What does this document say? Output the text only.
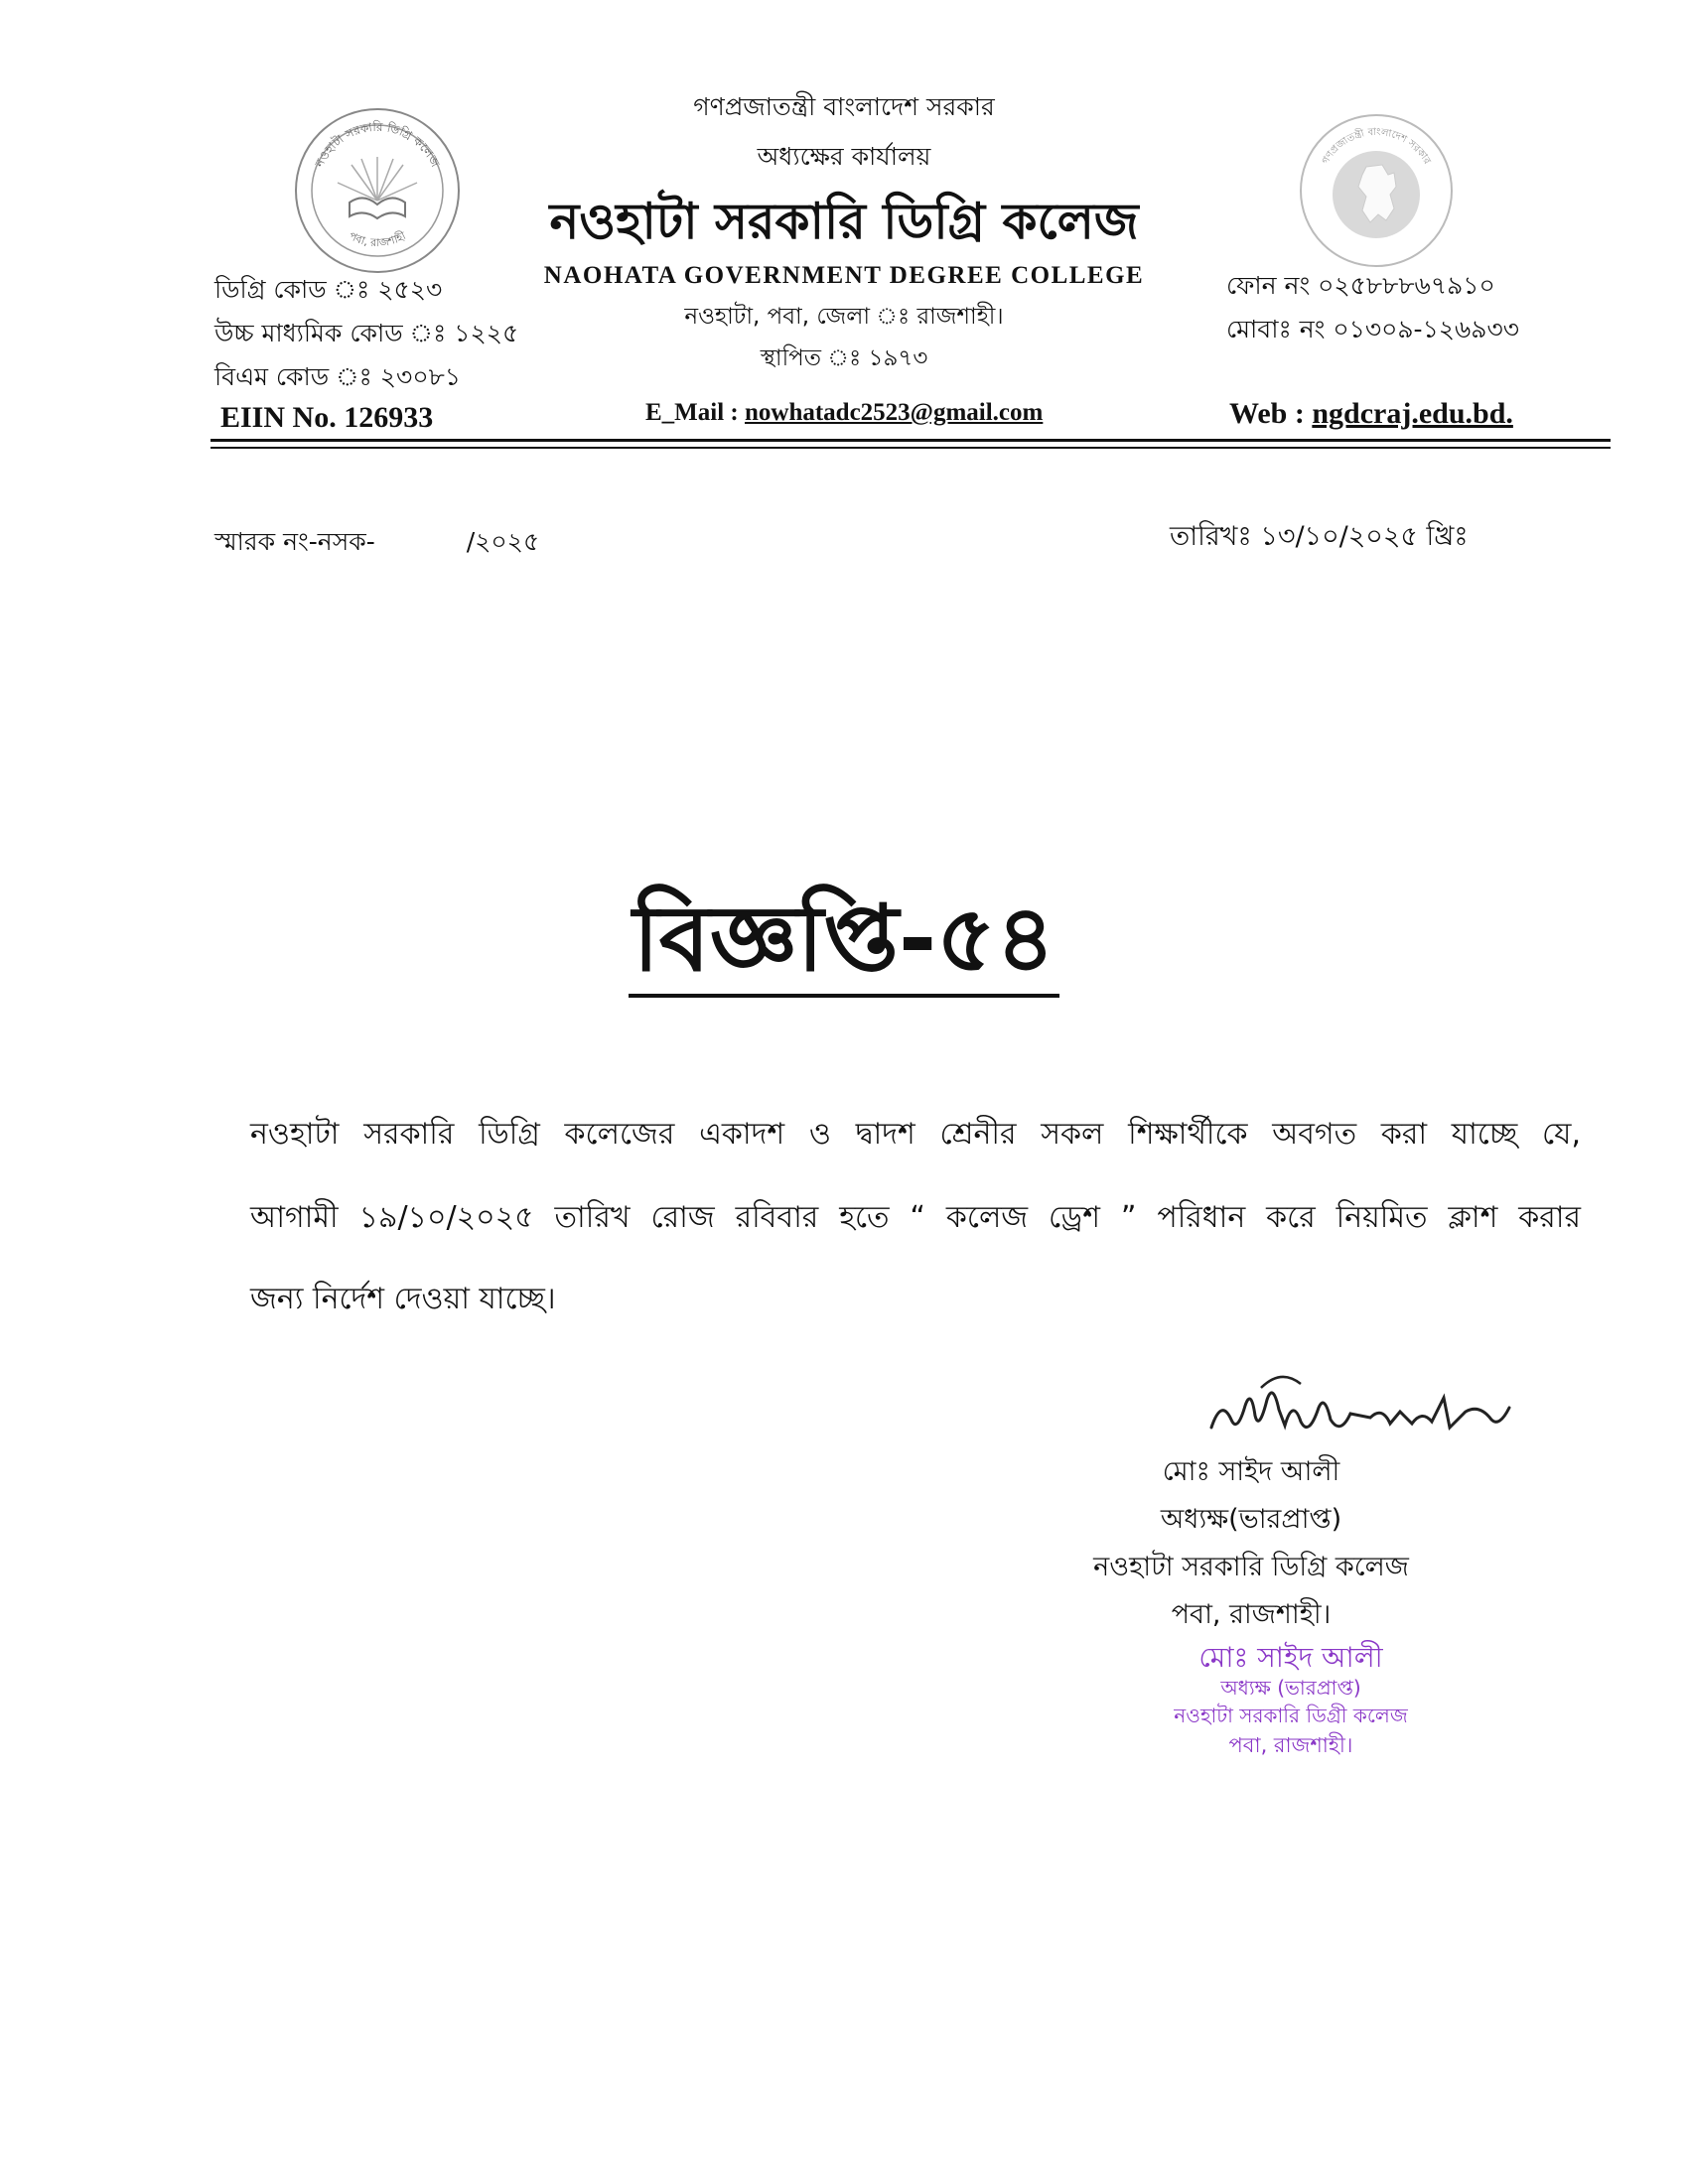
নওহাটা সরকারি ডিগ্রি কলেজ
পবা, রাজশাহী
গণপ্রজাতন্ত্রী বাংলাদেশ সরকার
গণপ্রজাতন্ত্রী বাংলাদেশ সরকার
অধ্যক্ষের কার্যালয়
নওহাটা সরকারি ডিগ্রি কলেজ
NAOHATA GOVERNMENT DEGREE COLLEGE
নওহাটা, পবা, জেলা ঃ রাজশাহী।
স্থাপিত ঃ ১৯৭৩
ডিগ্রি কোড ঃ ২৫২৩
উচ্চ মাধ্যমিক কোড ঃ ১২২৫
বিএম কোড ঃ ২৩০৮১
EIIN No. 126933
ফোন নং ০২৫৮৮৮৬৭৯১০
মোবাঃ নং ০১৩০৯-১২৬৯৩৩
E_Mail : nowhatadc2523@gmail.com	Web : ngdcraj.edu.bd.
স্মারক নং-নসক-	/২০২৫	তারিখঃ ১৩/১০/২০২৫ খ্রিঃ
বিজ্ঞপ্তি-৫৪
নওহাটা সরকারি ডিগ্রি কলেজের একাদশ ও দ্বাদশ শ্রেনীর সকল শিক্ষার্থীকে অবগত করা যাচ্ছে যে,
আগামী ১৯/১০/২০২৫ তারিখ রোজ রবিবার হতে “ কলেজ ড্রেশ ” পরিধান করে নিয়মিত ক্লাশ করার
জন্য নির্দেশ দেওয়া যাচ্ছে।
মোঃ সাইদ আলী
অধ্যক্ষ(ভারপ্রাপ্ত)
নওহাটা সরকারি ডিগ্রি কলেজ
পবা, রাজশাহী।
মোঃ সাইদ আলী
অধ্যক্ষ (ভারপ্রাপ্ত)
নওহাটা সরকারি ডিগ্রী কলেজ
পবা, রাজশাহী।
